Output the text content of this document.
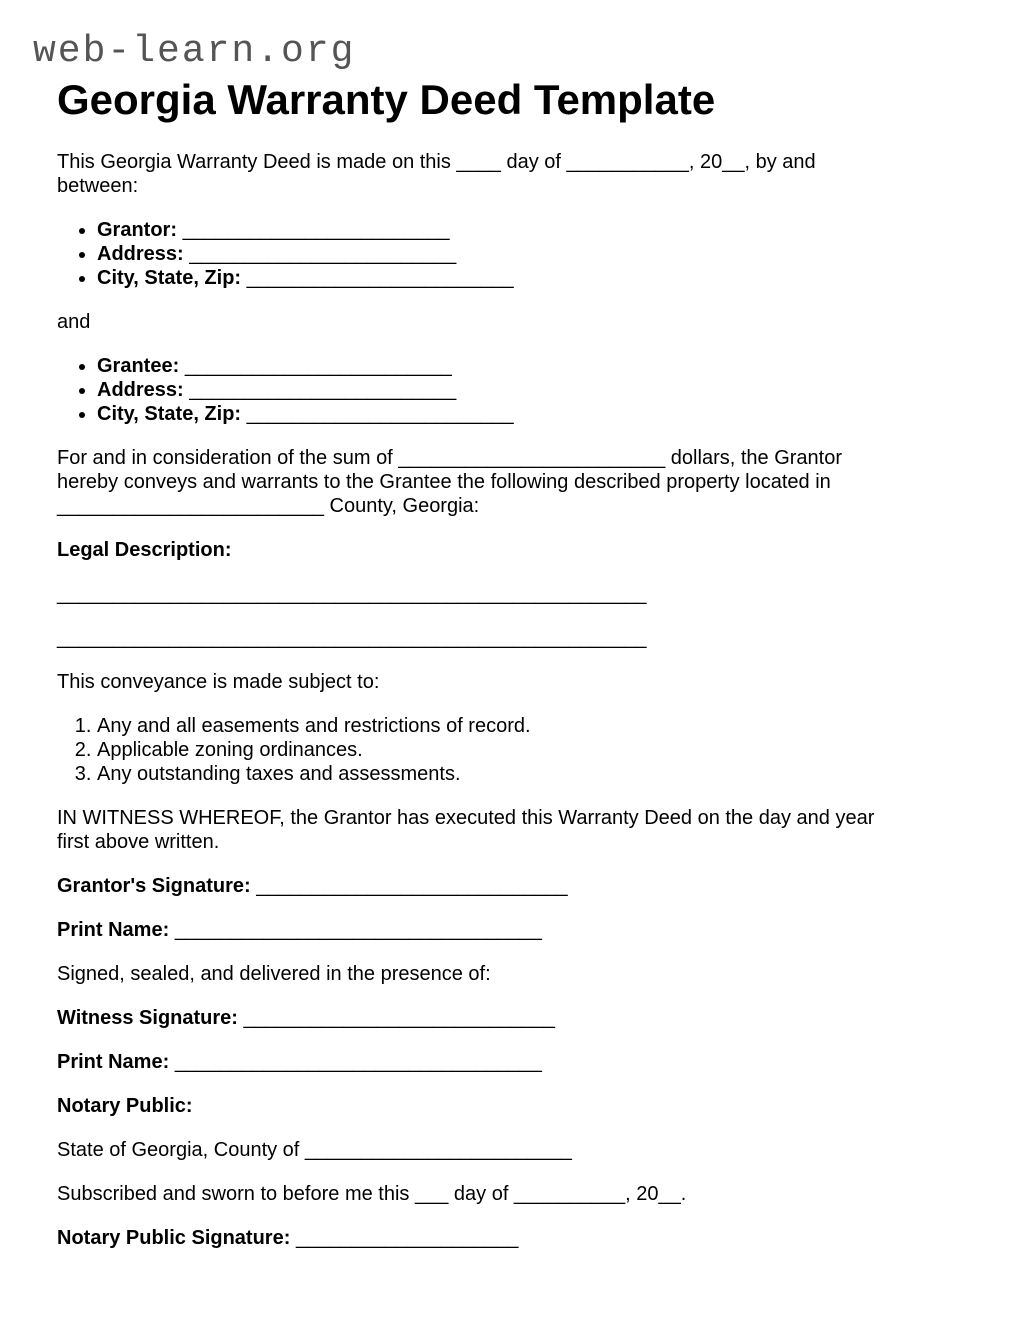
web-learn.org
Georgia Warranty Deed Template

This Georgia Warranty Deed is made on this ____ day of ___________, 20__, by and between:

• Grantor: ________________________
• Address: ________________________
• City, State, Zip: ________________________

and

• Grantee: ________________________
• Address: ________________________
• City, State, Zip: ________________________

For and in consideration of the sum of ________________________ dollars, the Grantor hereby conveys and warrants to the Grantee the following described property located in ________________________ County, Georgia:

Legal Description:

_____________________________________________________

_____________________________________________________

This conveyance is made subject to:

1. Any and all easements and restrictions of record.
2. Applicable zoning ordinances.
3. Any outstanding taxes and assessments.

IN WITNESS WHEREOF, the Grantor has executed this Warranty Deed on the day and year first above written.

Grantor's Signature: ____________________________

Print Name: _________________________________

Signed, sealed, and delivered in the presence of:

Witness Signature: ____________________________

Print Name: _________________________________

Notary Public:

State of Georgia, County of ________________________

Subscribed and sworn to before me this ___ day of __________, 20__.

Notary Public Signature: ____________________
